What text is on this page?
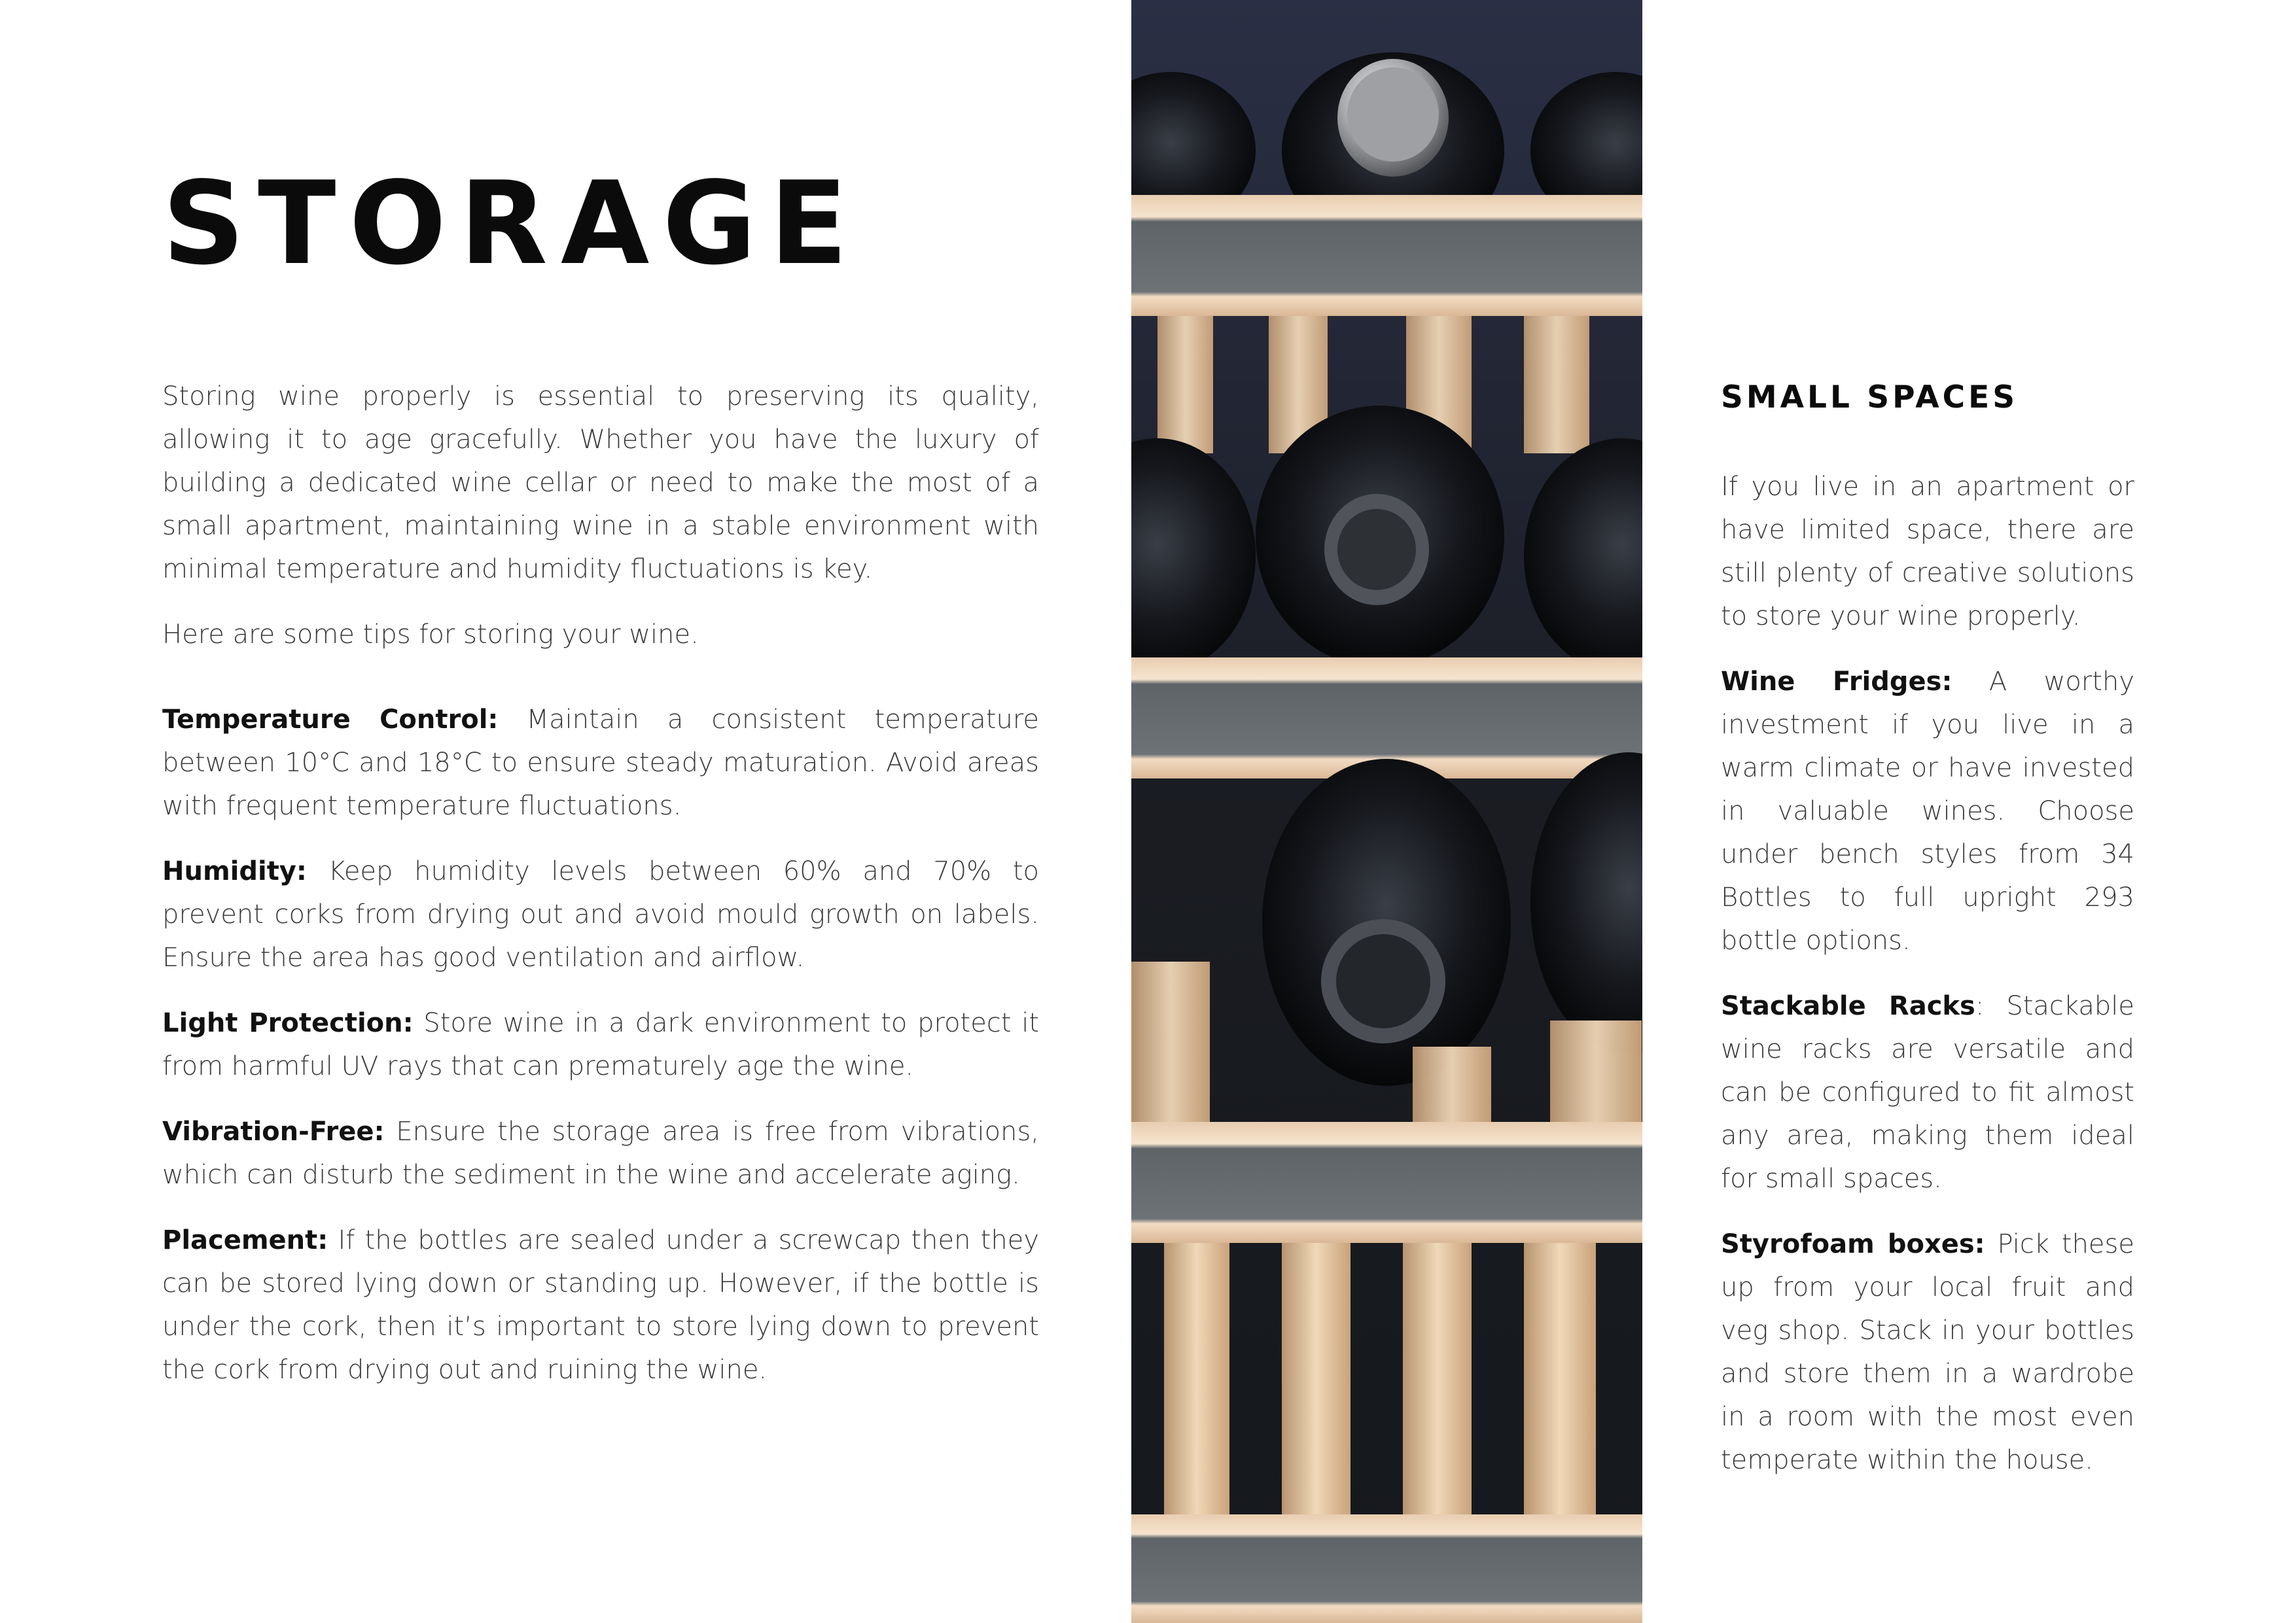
STORAGE

Storing wine properly is essential to preserving its quality, allowing it to age gracefully. Whether you have the luxury of building a dedicated wine cellar or need to make the most of a small apartment, maintaining wine in a stable environment with minimal temperature and humidity fluctuations is key.

Here are some tips for storing your wine.

Temperature Control: Maintain a consistent temperature between 10°C and 18°C to ensure steady maturation. Avoid areas with frequent temperature fluctuations.

Humidity: Keep humidity levels between 60% and 70% to prevent corks from drying out and avoid mould growth on labels. Ensure the area has good ventilation and airflow.

Light Protection: Store wine in a dark environment to protect it from harmful UV rays that can prematurely age the wine.

Vibration-Free: Ensure the storage area is free from vibrations, which can disturb the sediment in the wine and accelerate aging.

Placement: If the bottles are sealed under a screwcap then they can be stored lying down or standing up. However, if the bottle is under the cork, then it’s important to store lying down to prevent the cork from drying out and ruining the wine.

SMALL SPACES

If you live in an apartment or have limited space, there are still plenty of creative solutions to store your wine properly.

Wine Fridges: A worthy investment if you live in a warm climate or have invested in valuable wines. Choose under bench styles from 34 Bottles to full upright 293 bottle options.

Stackable Racks: Stackable wine racks are versatile and can be configured to fit almost any area, making them ideal for small spaces.

Styrofoam boxes: Pick these up from your local fruit and veg shop. Stack in your bottles and store them in a wardrobe in a room with the most even temperate within the house.
